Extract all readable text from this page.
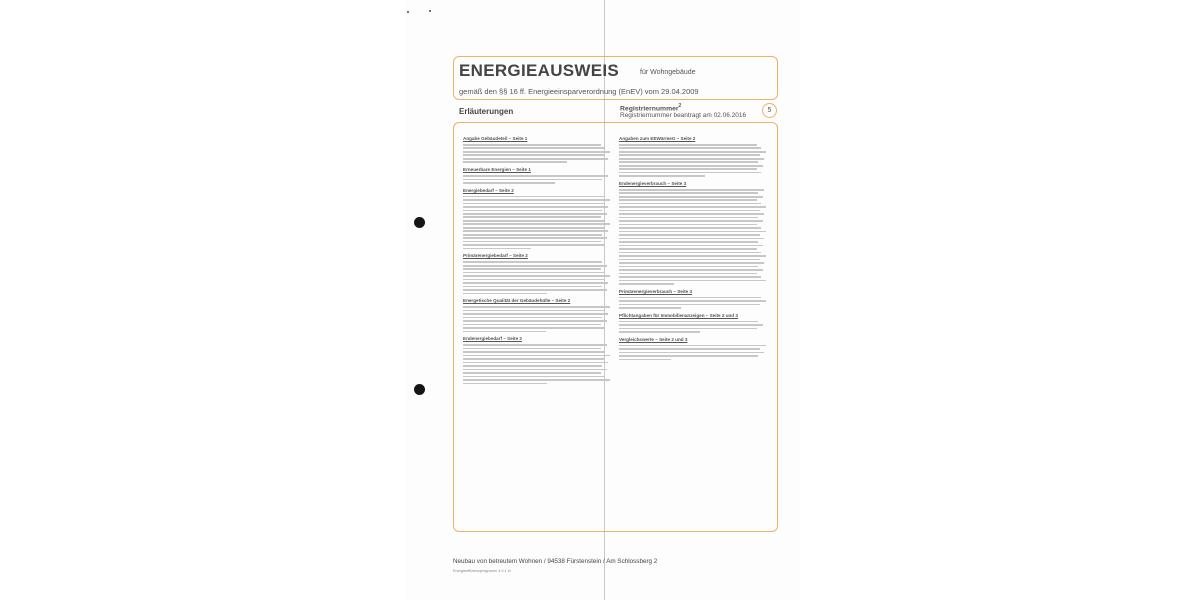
ENERGIEAUSWEIS	für Wohngebäude
gemäß den §§ 16 ff. Energieeinsparverordnung (EnEV) vom 29.04.2009
Erläuterungen	Registriernummer$^2$
Registriernummer beantragt am 02.06.2016
5
Angabe Gebäudeteil – Seite 1
Erneuerbare Energien – Seite 1
Energiebedarf – Seite 2
Primärenergiebedarf – Seite 2
Energetische Qualität der Gebäudehülle – Seite 2
Endenergiebedarf – Seite 2
Angaben zum EEWärmeG – Seite 2
Endenergieverbrauch – Seite 3
Primärenergieverbrauch – Seite 3
Pflichtangaben für Immobilienanzeigen – Seite 2 und 3
Vergleichswerte – Seite 2 und 3
Neubau von betreutem Wohnen / 94538 Fürstenstein / Am Schlossberg 2
Energieeffizienzprogramm 4.0.1 el
